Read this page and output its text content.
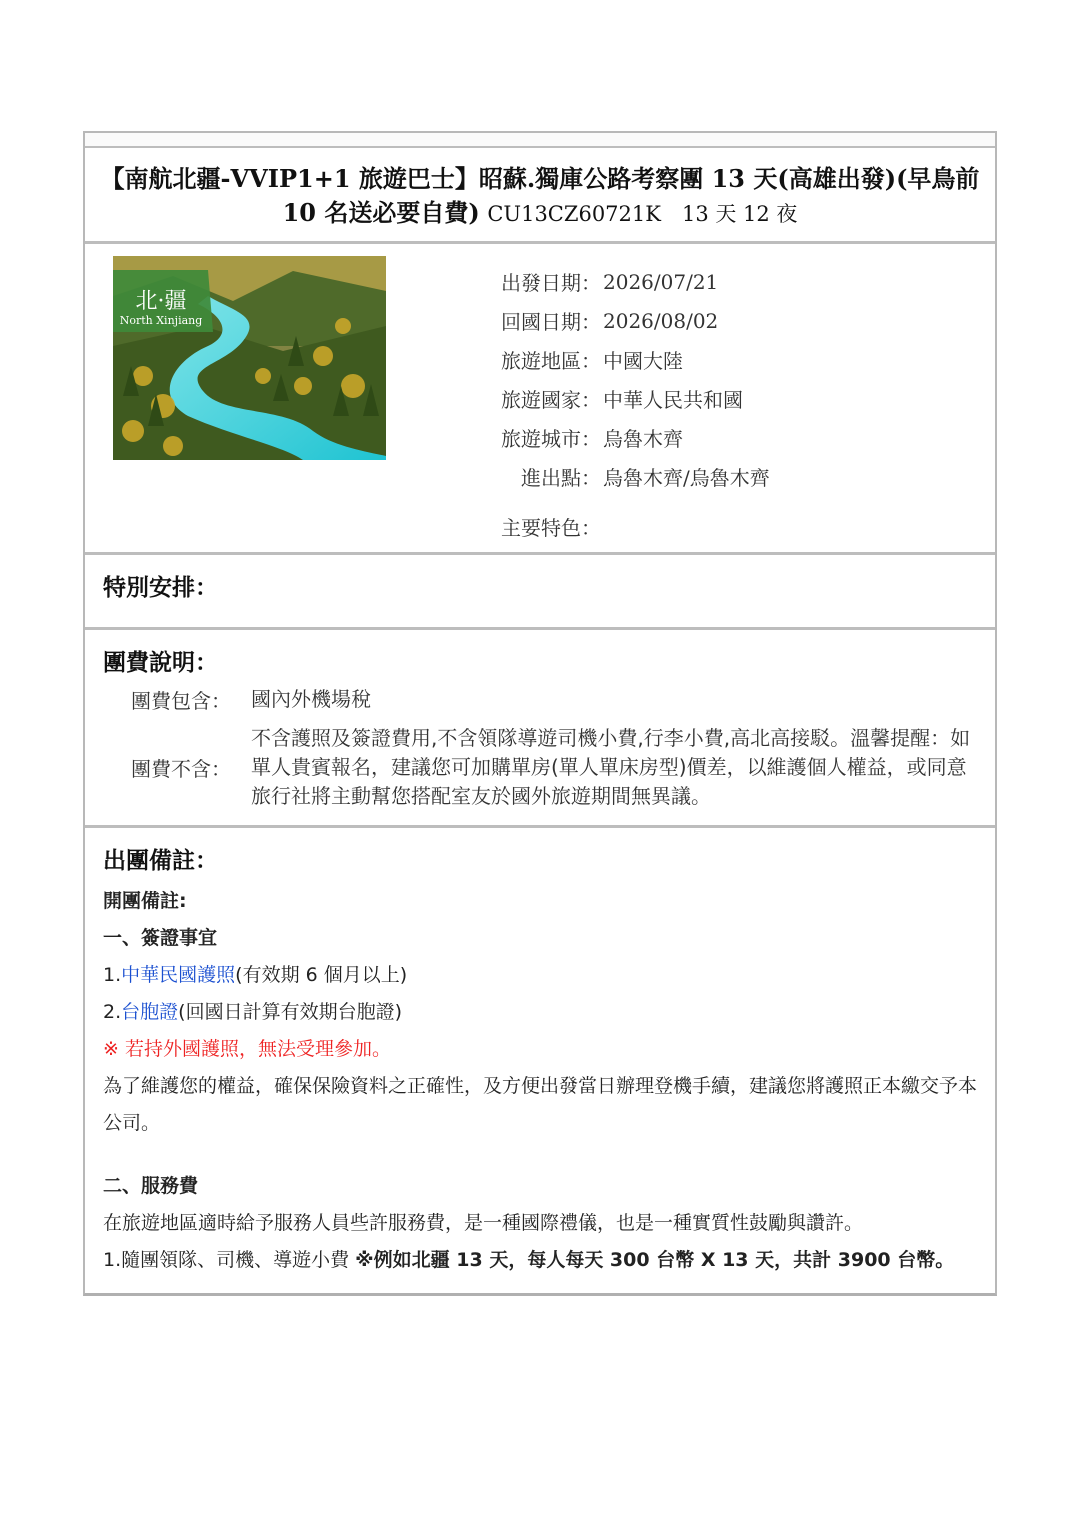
【南航北疆-VVIP1+1 旅遊巴士】昭蘇.獨庫公路考察團 13 天(高雄出發)(早鳥前 10 名送必要自費) CU13CZ60721K　13 天 12 夜
北·疆
North Xinjiang
出發日期： 2026/07/21
回國日期： 2026/08/02
旅遊地區： 中國大陸
旅遊國家： 中華人民共和國
旅遊城市： 烏魯木齊
進出點： 烏魯木齊/烏魯木齊
主要特色：
特別安排：
團費說明：
團費包含：	國內外機場稅
團費不含：
不含護照及簽證費用,不含領隊導遊司機小費,行李小費,高北高接駁。溫馨提醒：如單人貴賓報名，建議您可加購單房(單人單床房型)價差，以維護個人權益，或同意旅行社將主動幫您搭配室友於國外旅遊期間無異議。
出團備註：
開團備註:
一、簽證事宜
1.中華民國護照(有效期 6 個月以上)
2.台胞證(回國日計算有效期台胞證)
※ 若持外國護照，無法受理參加。
為了維護您的權益，確保保險資料之正確性，及方便出發當日辦理登機手續，建議您將護照正本繳交予本公司。
二、服務費
在旅遊地區適時給予服務人員些許服務費，是一種國際禮儀，也是一種實質性鼓勵與讚許。
1.隨團領隊、司機、導遊小費 ※例如北疆 13 天，每人每天 300 台幣 X 13 天，共計 3900 台幣。
